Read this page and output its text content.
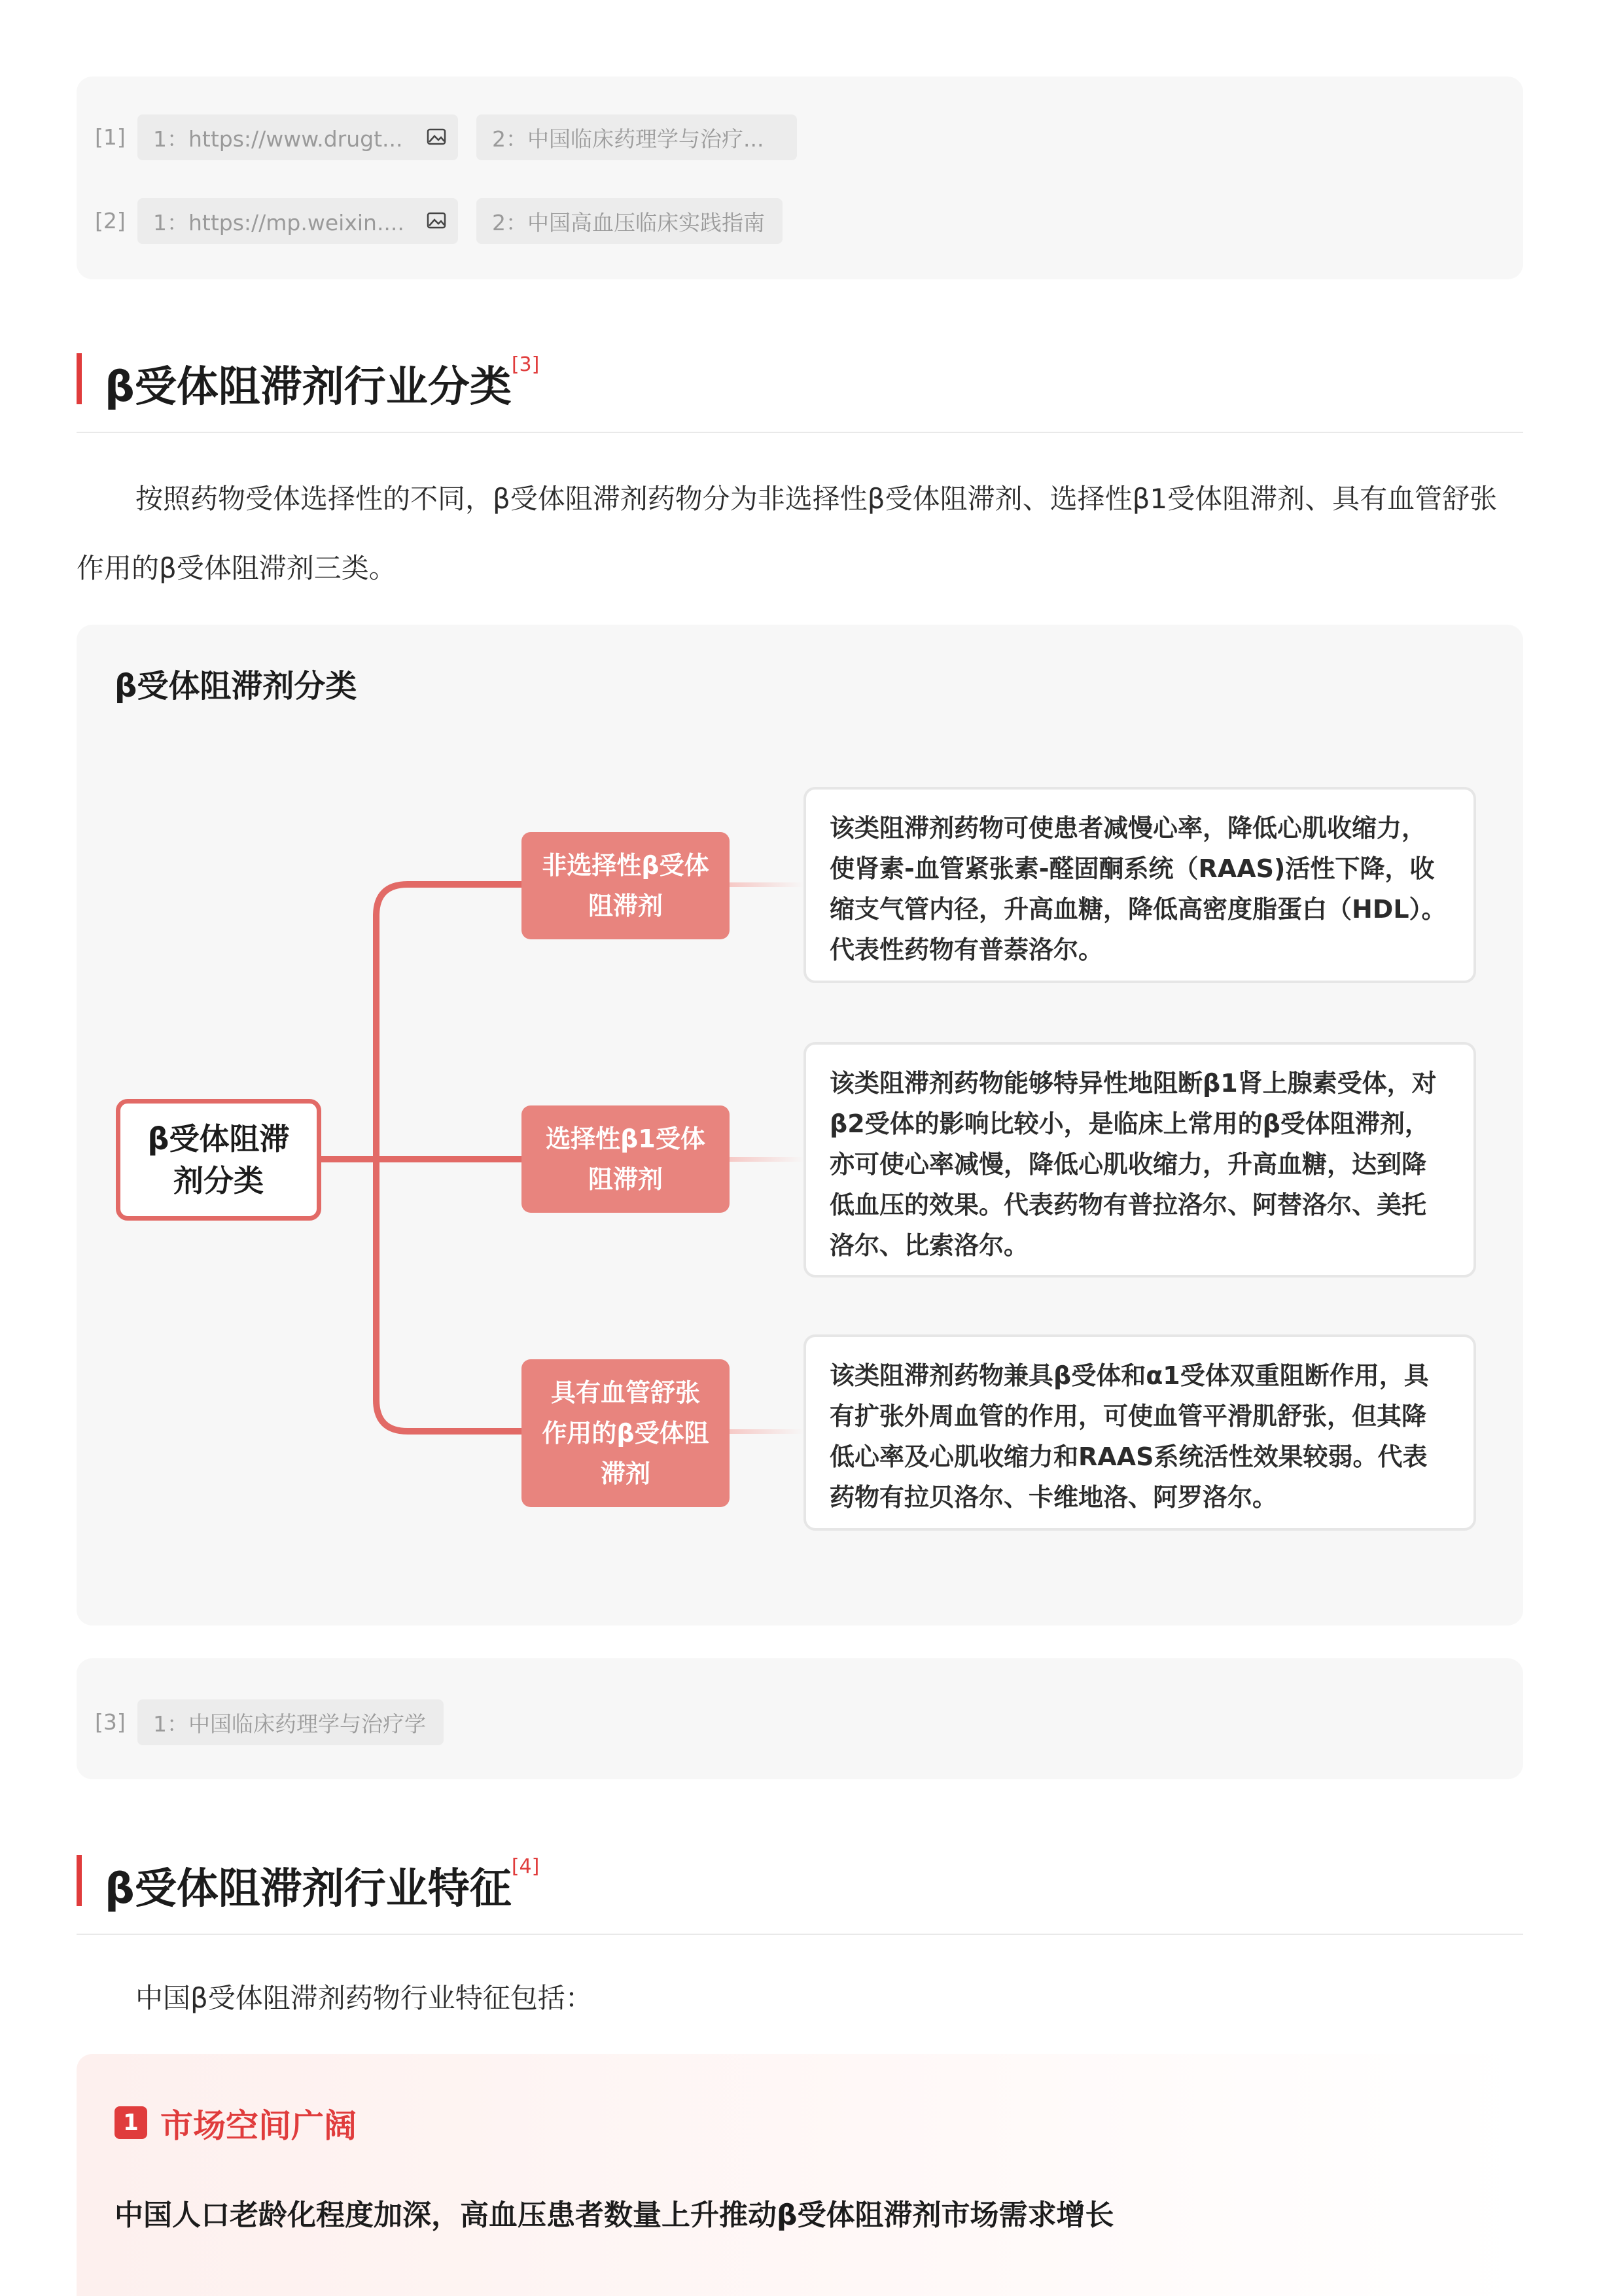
[1] 1：https://www.drugt...	2：中国临床药理学与治疗...
[2] 1：https://mp.weixin....	2：中国高血压临床实践指南
β受体阻滞剂行业分类[3]
按照药物受体选择性的不同，β受体阻滞剂药物分为非选择性β受体阻滞剂、选择性β1受体阻滞剂、具有血管舒张作用的β受体阻滞剂三类。
β受体阻滞剂分类
β受体阻滞剂分类
非选择性β受体阻滞剂
选择性β1受体阻滞剂
具有血管舒张作用的β受体阻滞剂
该类阻滞剂药物可使患者减慢心率，降低心肌收缩力，使肾素-血管紧张素-醛固酮系统（RAAS)活性下降，收缩支气管内径，升高血糖，降低高密度脂蛋白（HDL）。代表性药物有普萘洛尔。
该类阻滞剂药物能够特异性地阻断β1肾上腺素受体，对β2受体的影响比较小，是临床上常用的β受体阻滞剂，亦可使心率减慢，降低心肌收缩力，升高血糖，达到降低血压的效果。代表药物有普拉洛尔、阿替洛尔、美托洛尔、比索洛尔。
该类阻滞剂药物兼具β受体和α1受体双重阻断作用，具有扩张外周血管的作用，可使血管平滑肌舒张，但其降低心率及心肌收缩力和RAAS系统活性效果较弱。代表药物有拉贝洛尔、卡维地洛、阿罗洛尔。
[3] 1：中国临床药理学与治疗学
β受体阻滞剂行业特征[4]
中国β受体阻滞剂药物行业特征包括：
1 市场空间广阔
中国人口老龄化程度加深，高血压患者数量上升推动β受体阻滞剂市场需求增长
